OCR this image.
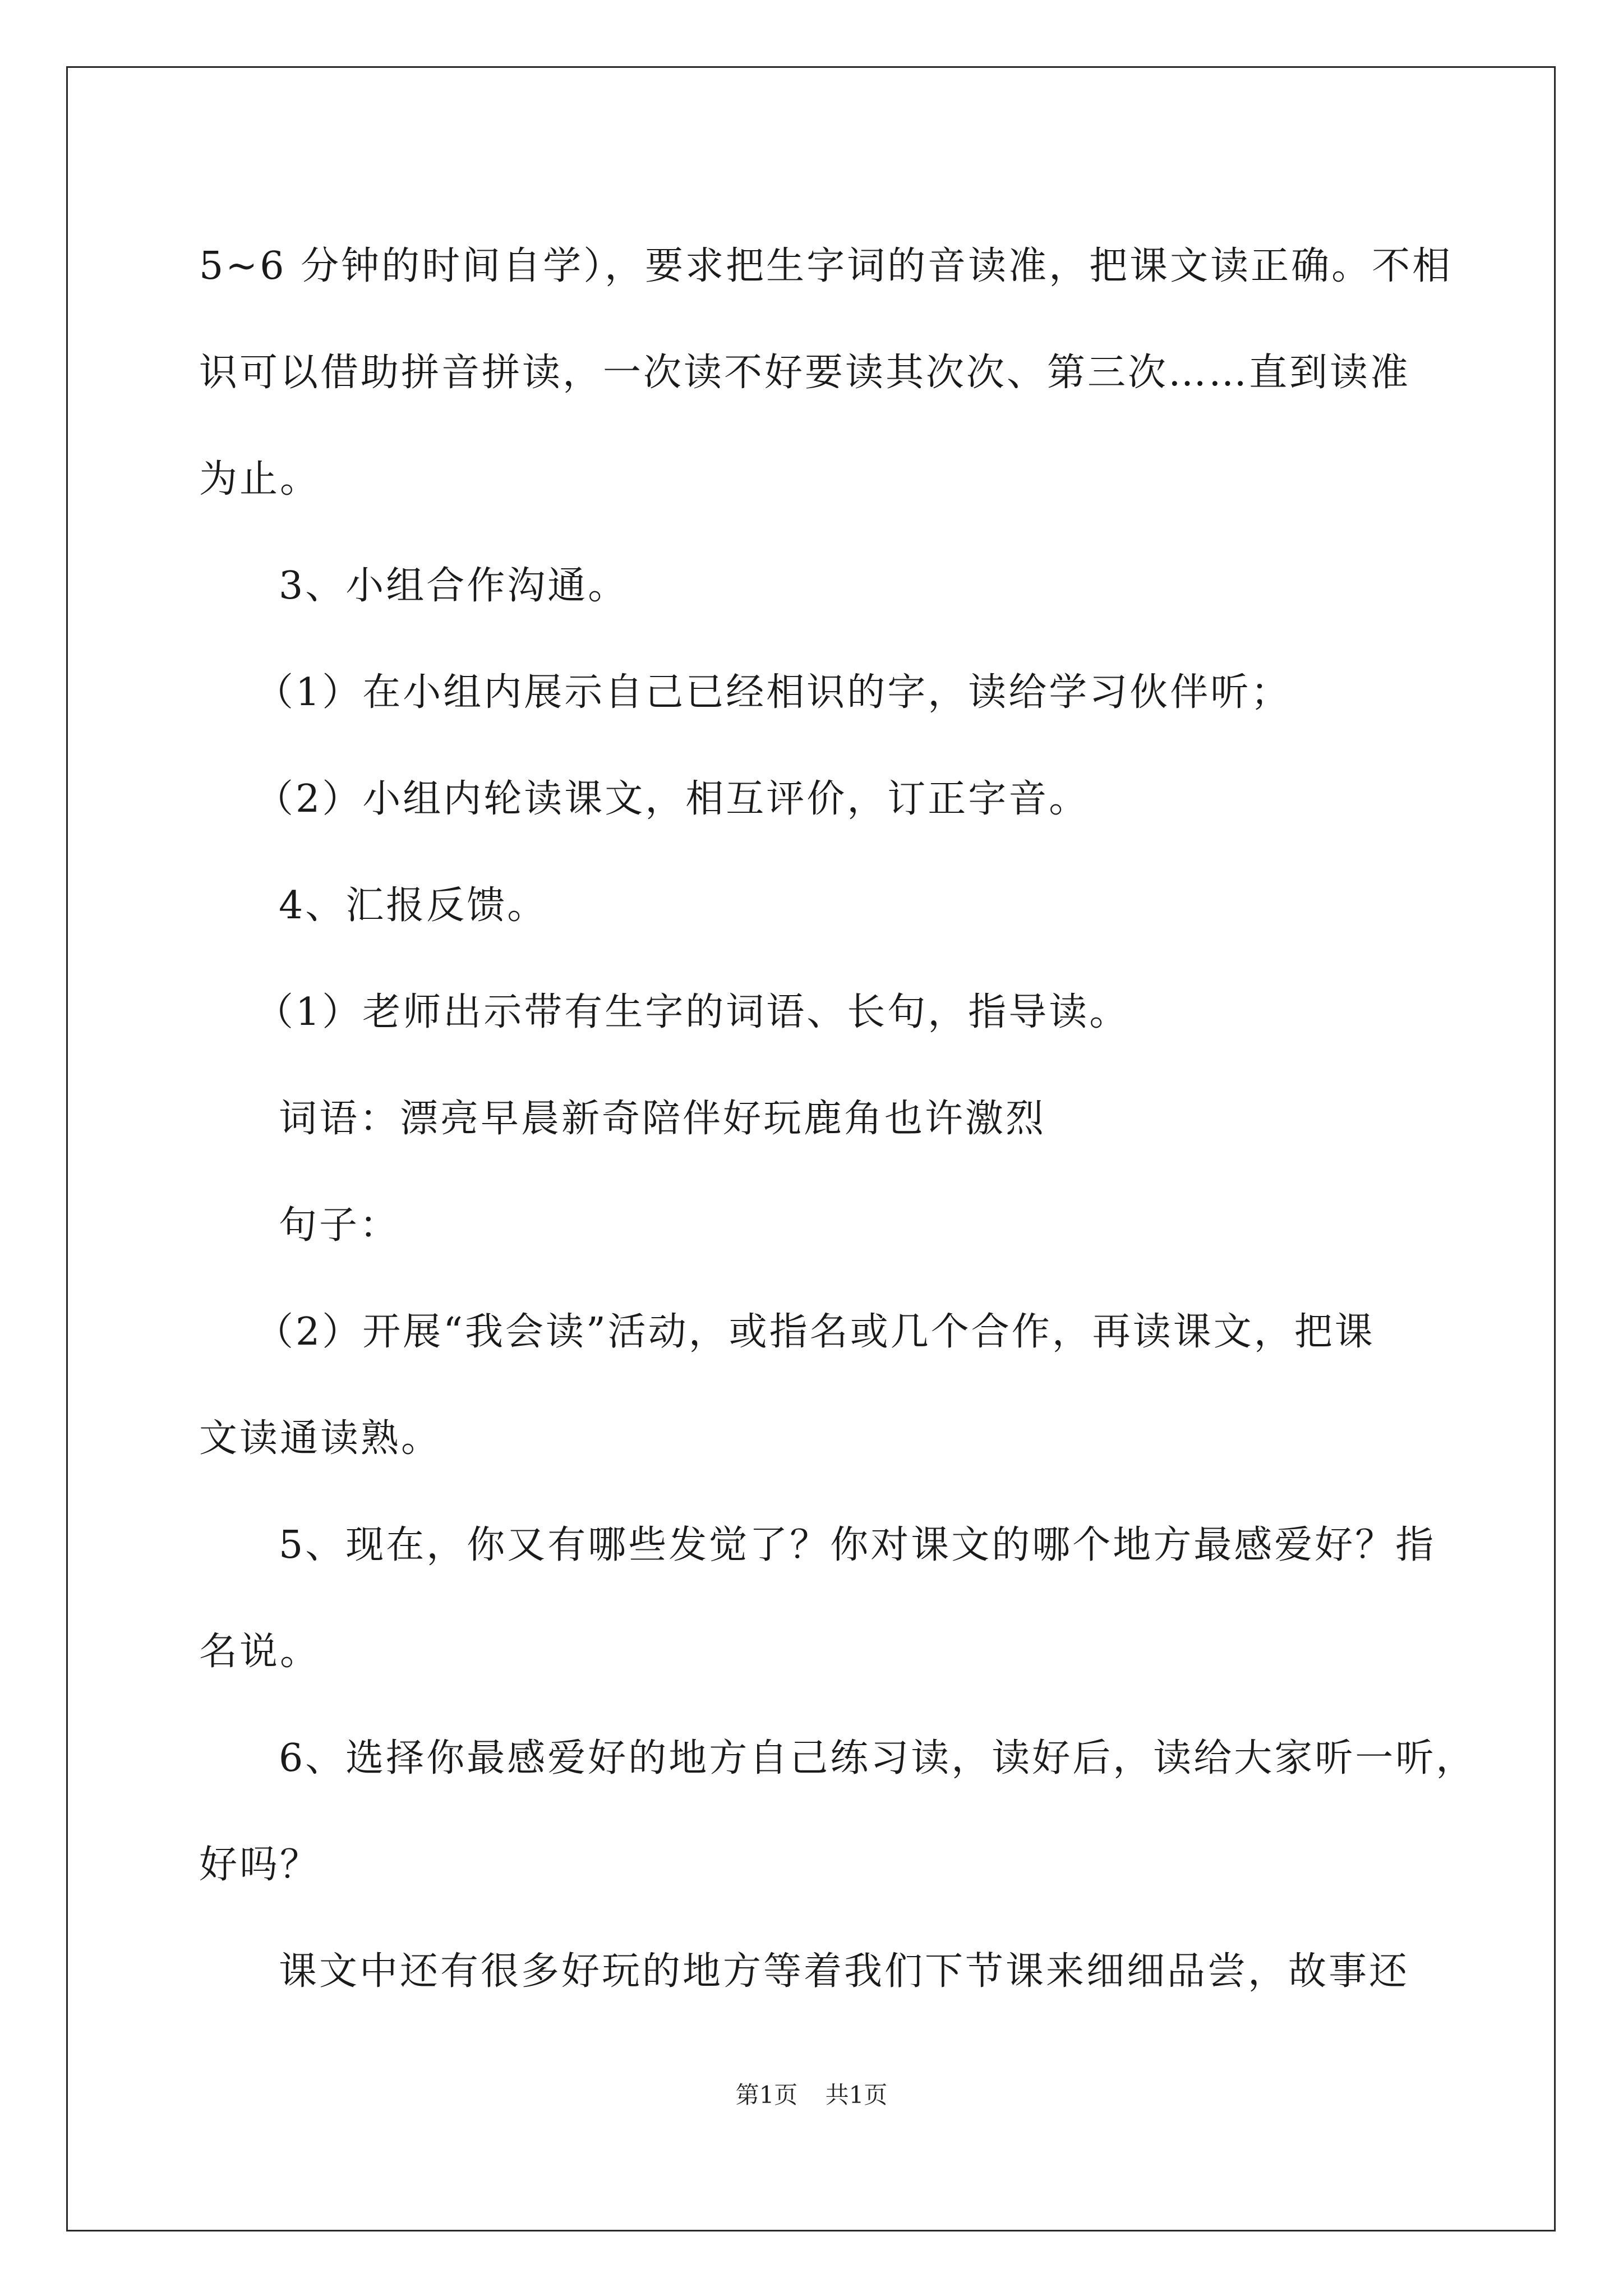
5~6 分钟的时间自学），要求把生字词的音读准，把课文读正确。不相
识可以借助拼音拼读，一次读不好要读其次次、第三次……直到读准
为止。
3、小组合作沟通。
（1）在小组内展示自己已经相识的字，读给学习伙伴听；
（2）小组内轮读课文，相互评价，订正字音。
4、汇报反馈。
（1）老师出示带有生字的词语、长句，指导读。
词语：漂亮早晨新奇陪伴好玩鹿角也许激烈
句子：
（2）开展“我会读”活动，或指名或几个合作，再读课文，把课
文读通读熟。
5、现在，你又有哪些发觉了？你对课文的哪个地方最感爱好？指
名说。
6、选择你最感爱好的地方自己练习读，读好后，读给大家听一听，
好吗？
课文中还有很多好玩的地方等着我们下节课来细细品尝，故事还
第1页 共1页
